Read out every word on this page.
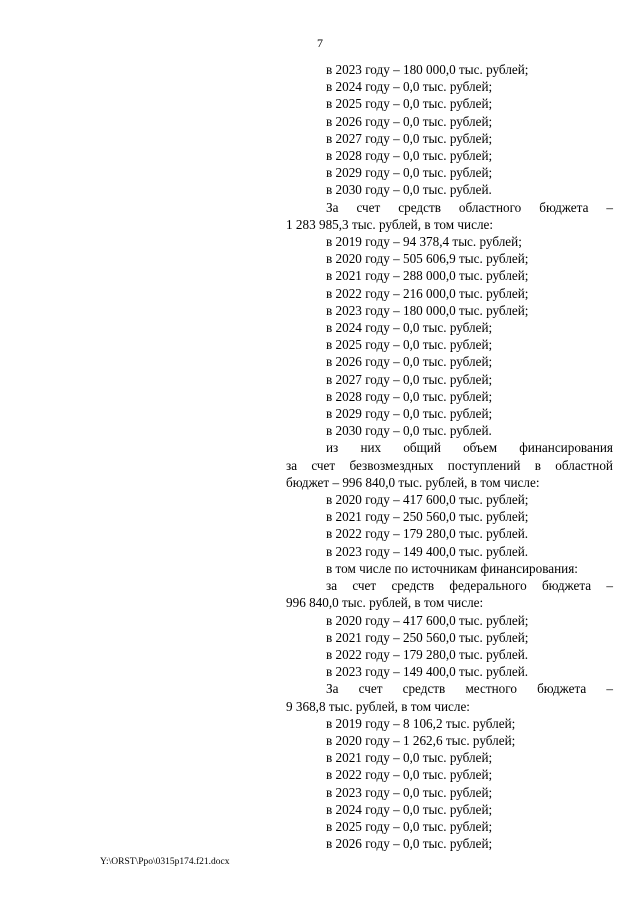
7
в 2023 году – 180 000,0 тыс. рублей;
в 2024 году – 0,0 тыс. рублей;
в 2025 году – 0,0 тыс. рублей;
в 2026 году – 0,0 тыс. рублей;
в 2027 году – 0,0 тыс. рублей;
в 2028 году – 0,0 тыс. рублей;
в 2029 году – 0,0 тыс. рублей;
в 2030 году – 0,0 тыс. рублей.
За счет средств областного бюджета –
1 283 985,3 тыс. рублей, в том числе:
в 2019 году – 94 378,4 тыс. рублей;
в 2020 году – 505 606,9 тыс. рублей;
в 2021 году – 288 000,0 тыс. рублей;
в 2022 году – 216 000,0 тыс. рублей;
в 2023 году – 180 000,0 тыс. рублей;
в 2024 году – 0,0 тыс. рублей;
в 2025 году – 0,0 тыс. рублей;
в 2026 году – 0,0 тыс. рублей;
в 2027 году – 0,0 тыс. рублей;
в 2028 году – 0,0 тыс. рублей;
в 2029 году – 0,0 тыс. рублей;
в 2030 году – 0,0 тыс. рублей.
из них общий объем финансирования
за счет безвозмездных поступлений в областной
бюджет – 996 840,0 тыс. рублей, в том числе:
в 2020 году – 417 600,0 тыс. рублей;
в 2021 году – 250 560,0 тыс. рублей;
в 2022 году – 179 280,0 тыс. рублей.
в 2023 году – 149 400,0 тыс. рублей.
в том числе по источникам финансирования:
за счет средств федерального бюджета –
996 840,0 тыс. рублей, в том числе:
в 2020 году – 417 600,0 тыс. рублей;
в 2021 году – 250 560,0 тыс. рублей;
в 2022 году – 179 280,0 тыс. рублей.
в 2023 году – 149 400,0 тыс. рублей.
За счет средств местного бюджета –
9 368,8 тыс. рублей, в том числе:
в 2019 году – 8 106,2 тыс. рублей;
в 2020 году – 1 262,6 тыс. рублей;
в 2021 году – 0,0 тыс. рублей;
в 2022 году – 0,0 тыс. рублей;
в 2023 году – 0,0 тыс. рублей;
в 2024 году – 0,0 тыс. рублей;
в 2025 году – 0,0 тыс. рублей;
в 2026 году – 0,0 тыс. рублей;
Y:\ORST\Ppo\0315p174.f21.docx
